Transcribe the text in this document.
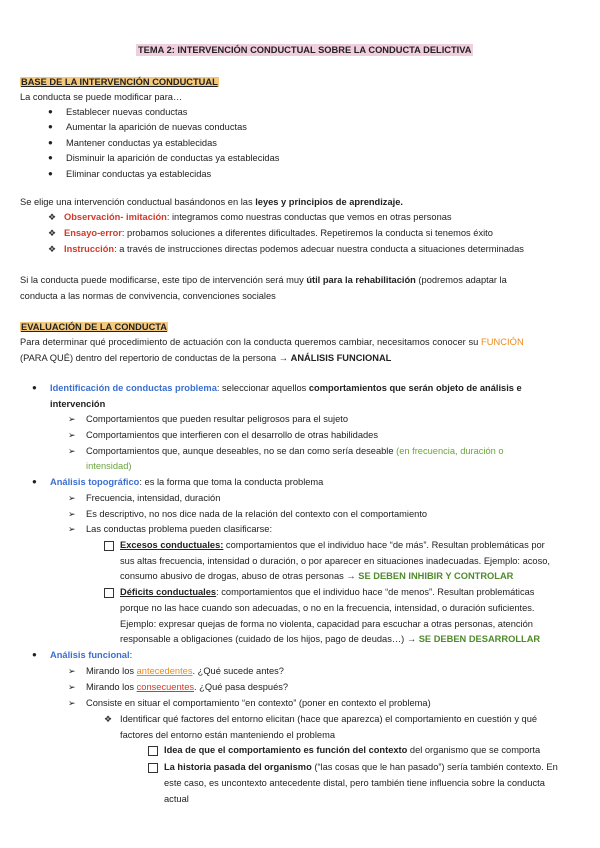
TEMA 2: INTERVENCIÓN CONDUCTUAL SOBRE LA CONDUCTA DELICTIVA
BASE DE LA INTERVENCIÓN CONDUCTUAL
La conducta se puede modificar para…
● Establecer nuevas conductas
● Aumentar la aparición de nuevas conductas
● Mantener conductas ya establecidas
● Disminuir la aparición de conductas ya establecidas
● Eliminar conductas ya establecidas
Se elige una intervención conductual basándonos en las leyes y principios de aprendizaje.
❖ Observación- imitación: integramos como nuestras conductas que vemos en otras personas
❖ Ensayo-error: probamos soluciones a diferentes dificultades. Repetiremos la conducta si tenemos éxito
❖ Instrucción: a través de instrucciones directas podemos adecuar nuestra conducta a situaciones determinadas
Si la conducta puede modificarse, este tipo de intervención será muy útil para la rehabilitación (podremos adaptar la
conducta a las normas de convivencia, convenciones sociales
EVALUACIÓN DE LA CONDUCTA
Para determinar qué procedimiento de actuación con la conducta queremos cambiar, necesitamos conocer su FUNCIÓN
(PARA QUÉ) dentro del repertorio de conductas de la persona → ANÁLISIS FUNCIONAL
● Identificación de conductas problema: seleccionar aquellos comportamientos que serán objeto de análisis e
intervención
➢ Comportamientos que pueden resultar peligrosos para el sujeto
➢ Comportamientos que interfieren con el desarrollo de otras habilidades
➢ Comportamientos que, aunque deseables, no se dan como sería deseable (en frecuencia, duración o
intensidad)
● Análisis topográfico: es la forma que toma la conducta problema
➢ Frecuencia, intensidad, duración
➢ Es descriptivo, no nos dice nada de la relación del contexto con el comportamiento
➢ Las conductas problema pueden clasificarse:
Excesos conductuales: comportamientos que el individuo hace “de más”. Resultan problemáticas por
sus altas frecuencia, intensidad o duración, o por aparecer en situaciones inadecuadas. Ejemplo: acoso,
consumo abusivo de drogas, abuso de otras personas → SE DEBEN INHIBIR Y CONTROLAR
Déficits conductuales: comportamientos que el individuo hace “de menos”. Resultan problemáticas
porque no las hace cuando son adecuadas, o no en la frecuencia, intensidad, o duración suficientes.
Ejemplo: expresar quejas de forma no violenta, capacidad para escuchar a otras personas, atención
responsable a obligaciones (cuidado de los hijos, pago de deudas…) → SE DEBEN DESARROLLAR
● Análisis funcional:
➢ Mirando los antecedentes. ¿Qué sucede antes?
➢ Mirando los consecuentes. ¿Qué pasa después?
➢ Consiste en situar el comportamiento “en contexto” (poner en contexto el problema)
❖ Identificar qué factores del entorno elicitan (hace que aparezca) el comportamiento en cuestión y qué
factores del entorno están manteniendo el problema
Idea de que el comportamiento es función del contexto del organismo que se comporta
La historia pasada del organismo (“las cosas que le han pasado”) sería también contexto. En
este caso, es uncontexto antecedente distal, pero también tiene influencia sobre la conducta
actual
